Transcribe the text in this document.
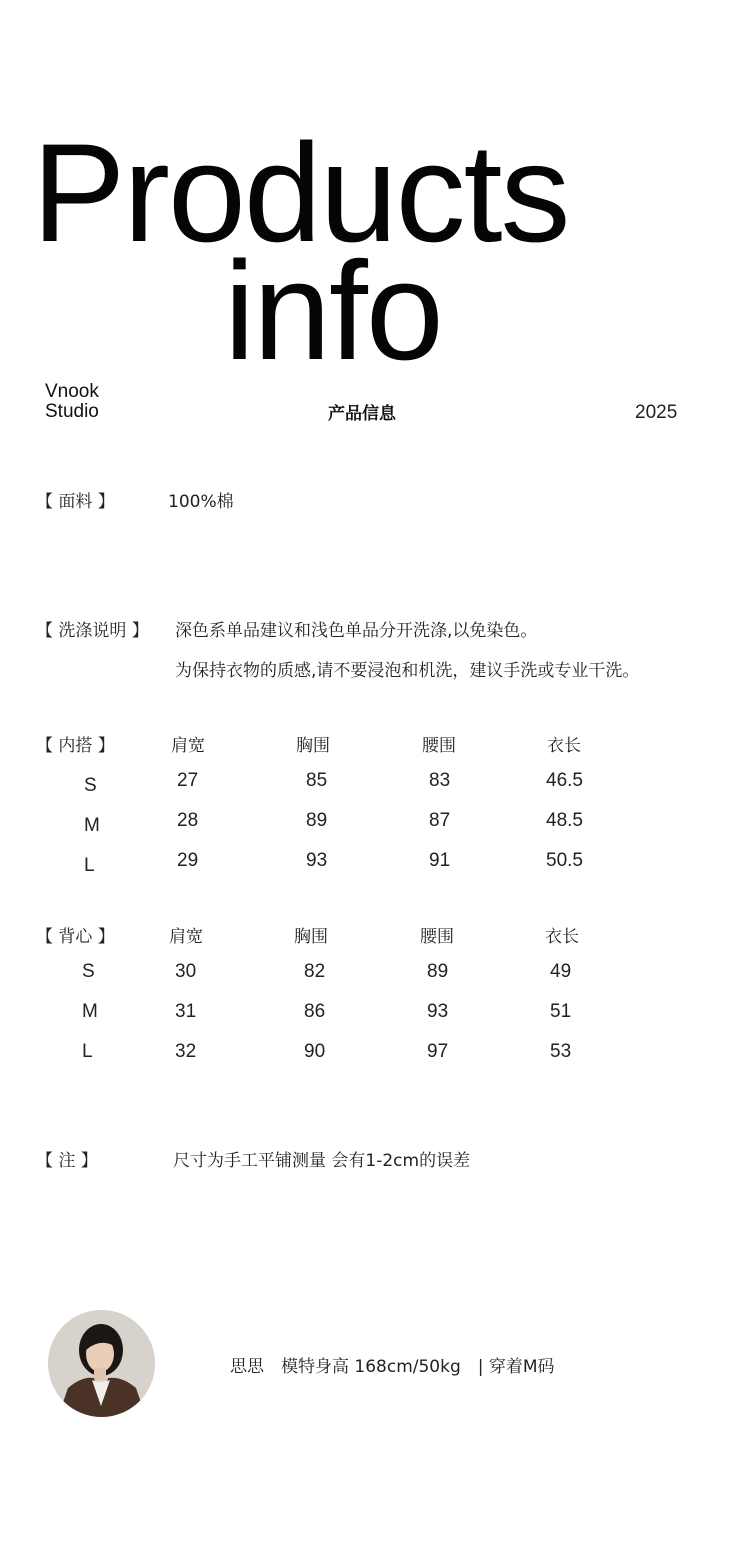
Products
info
Vnook
Studio	产品信息	2025
【 面料 】	100%棉
【 洗涤说明 】 深色系单品建议和浅色单品分开洗涤,以免染色。
为保持衣物的质感,请不要浸泡和机洗，建议手洗或专业干洗。
【 内搭 】	肩宽	胸围	腰围	衣长
S	27	85	83	46.5
M	28	89	87	48.5
L	29	93	91	50.5
【 背心 】	肩宽	胸围	腰围	衣长
S	30	82	89	49
M	31	86	93	51
L	32	90	97	53
【 注 】	尺寸为手工平铺测量 会有1-2cm的误差
思思　模特身高 168cm/50kg　| 穿着M码
